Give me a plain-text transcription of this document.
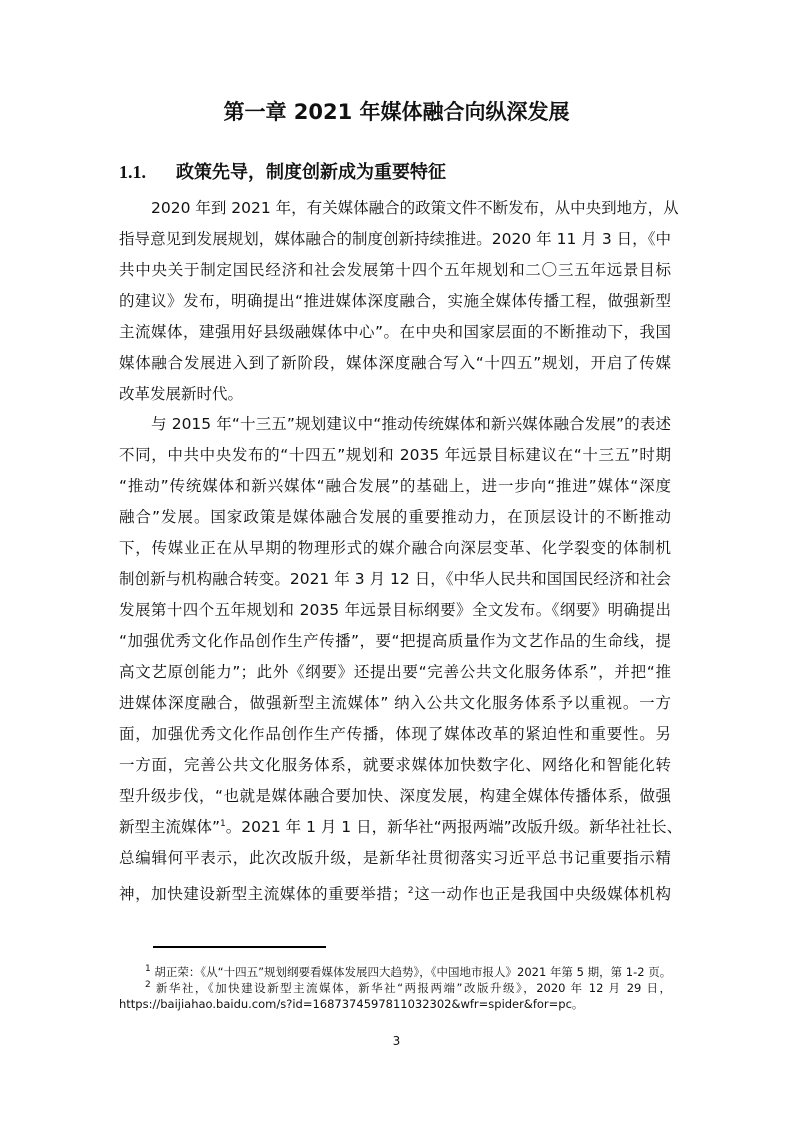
第一章 2021 年媒体融合向纵深发展
1.1. 政策先导，制度创新成为重要特征
2020 年到 2021 年，有关媒体融合的政策文件不断发布，从中央到地方，从
指导意见到发展规划，媒体融合的制度创新持续推进。2020 年 11 月 3 日，《中
共中央关于制定国民经济和社会发展第十四个五年规划和二〇三五年远景目标
的建议》发布，明确提出“推进媒体深度融合，实施全媒体传播工程，做强新型
主流媒体，建强用好县级融媒体中心”。在中央和国家层面的不断推动下，我国
媒体融合发展进入到了新阶段，媒体深度融合写入“十四五”规划，开启了传媒
改革发展新时代。
与 2015 年“十三五”规划建议中“推动传统媒体和新兴媒体融合发展”的表述
不同，中共中央发布的“十四五”规划和 2035 年远景目标建议在“十三五”时期
“推动”传统媒体和新兴媒体“融合发展”的基础上，进一步向“推进”媒体“深度
融合”发展。国家政策是媒体融合发展的重要推动力，在顶层设计的不断推动
下，传媒业正在从早期的物理形式的媒介融合向深层变革、化学裂变的体制机
制创新与机构融合转变。2021 年 3 月 12 日，《中华人民共和国国民经济和社会
发展第十四个五年规划和 2035 年远景目标纲要》全文发布。《纲要》明确提出
“加强优秀文化作品创作生产传播”，要“把提高质量作为文艺作品的生命线，提
高文艺原创能力”；此外《纲要》还提出要“完善公共文化服务体系”，并把“推
进媒体深度融合，做强新型主流媒体” 纳入公共文化服务体系予以重视。一方
面，加强优秀文化作品创作生产传播，体现了媒体改革的紧迫性和重要性。另
一方面，完善公共文化服务体系，就要求媒体加快数字化、网络化和智能化转
型升级步伐，“也就是媒体融合要加快、深度发展，构建全媒体传播体系，做强
新型主流媒体”$^1$。2021 年 1 月 1 日，新华社“两报两端”改版升级。新华社社长、
总编辑何平表示，此次改版升级，是新华社贯彻落实习近平总书记重要指示精
神，加快建设新型主流媒体的重要举措；$^2$这一动作也正是我国中央级媒体机构
$^1$ 胡正荣：《从“十四五”规划纲要看媒体发展四大趋势》，《中国地市报人》2021 年第 5 期，第 1-2 页。
$^2$ 新华社，《加快建设新型主流媒体，新华社“两报两端”改版升级》，2020 年 12 月 29 日，
https://baijiahao.baidu.com/s?id=1687374597811032302&wfr=spider&for=pc。
3
